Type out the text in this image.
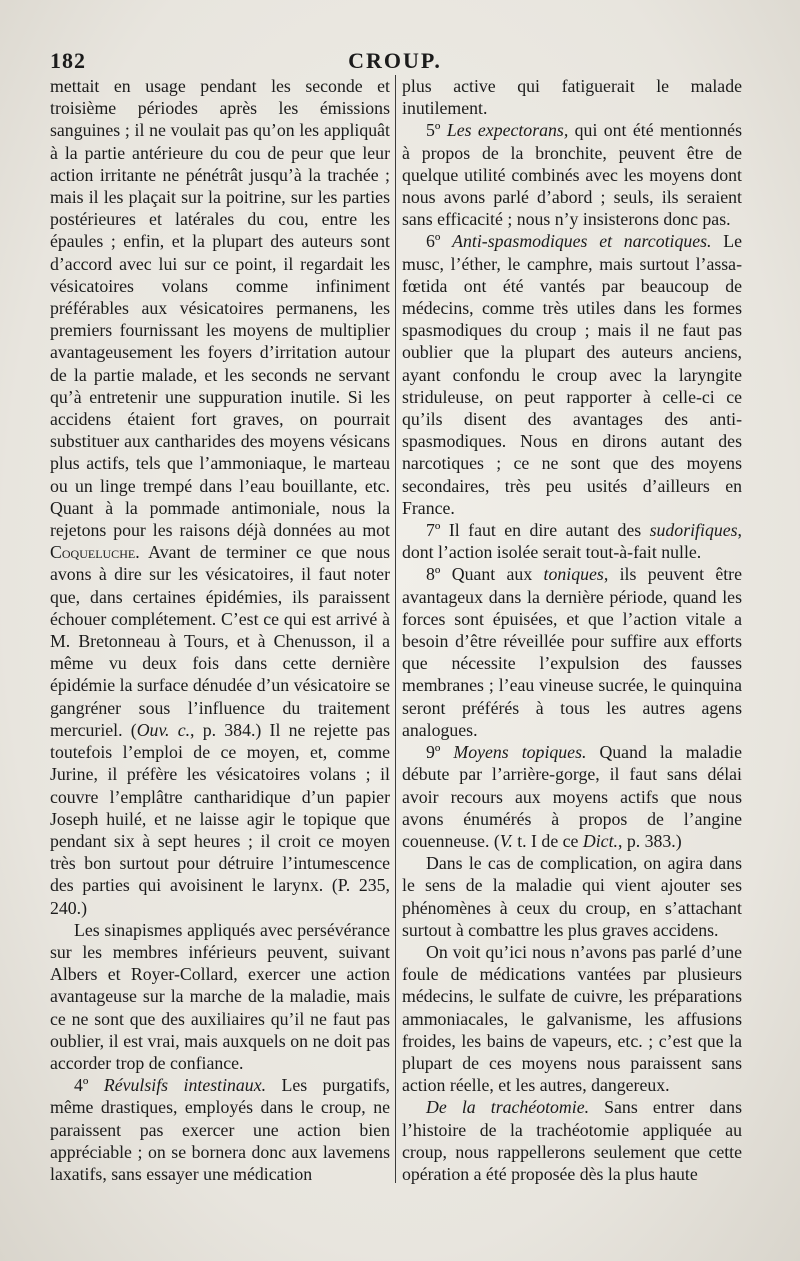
182	CROUP.

mettait en usage pendant les seconde et troisième périodes après les émissions sanguines ; il ne voulait pas qu’on les appliquât à la partie antérieure du cou de peur que leur action irritante ne pénétrât jusqu’à la trachée ; mais il les plaçait sur la poitrine, sur les parties postérieures et latérales du cou, entre les épaules ; enfin, et la plupart des auteurs sont d’accord avec lui sur ce point, il regardait les vésicatoires volans comme infiniment préférables aux vésicatoires permanens, les premiers fournissant les moyens de multiplier avantageusement les foyers d’irritation autour de la partie malade, et les seconds ne servant qu’à entretenir une suppuration inutile. Si les accidens étaient fort graves, on pourrait substituer aux cantharides des moyens vésicans plus actifs, tels que l’ammoniaque, le marteau ou un linge trempé dans l’eau bouillante, etc. Quant à la pommade antimoniale, nous la rejetons pour les raisons déjà données au mot Coqueluche. Avant de terminer ce que nous avons à dire sur les vésicatoires, il faut noter que, dans certaines épidémies, ils paraissent échouer complétement. C’est ce qui est arrivé à M. Bretonneau à Tours, et à Chenusson, il a même vu deux fois dans cette dernière épidémie la surface dénudée d’un vésicatoire se gangréner sous l’influence du traitement mercuriel. (Ouv. c., p. 384.) Il ne rejette pas toutefois l’emploi de ce moyen, et, comme Jurine, il préfère les vésicatoires volans ; il couvre l’emplâtre cantharidique d’un papier Joseph huilé, et ne laisse agir le topique que pendant six à sept heures ; il croit ce moyen très bon surtout pour détruire l’intumescence des parties qui avoisinent le larynx. (P. 235, 240.)

Les sinapismes appliqués avec persévérance sur les membres inférieurs peuvent, suivant Albers et Royer-Collard, exercer une action avantageuse sur la marche de la maladie, mais ce ne sont que des auxiliaires qu’il ne faut pas oublier, il est vrai, mais auxquels on ne doit pas accorder trop de confiance.

4º Révulsifs intestinaux. Les purgatifs, même drastiques, employés dans le croup, ne paraissent pas exercer une action bien appréciable ; on se bornera donc aux lavemens laxatifs, sans essayer une médication

plus active qui fatiguerait le malade inutilement.

5º Les expectorans, qui ont été mentionnés à propos de la bronchite, peuvent être de quelque utilité combinés avec les moyens dont nous avons parlé d’abord ; seuls, ils seraient sans efficacité ; nous n’y insisterons donc pas.

6º Anti-spasmodiques et narcotiques. Le musc, l’éther, le camphre, mais surtout l’assa-fœtida ont été vantés par beaucoup de médecins, comme très utiles dans les formes spasmodiques du croup ; mais il ne faut pas oublier que la plupart des auteurs anciens, ayant confondu le croup avec la laryngite striduleuse, on peut rapporter à celle-ci ce qu’ils disent des avantages des anti-spasmodiques. Nous en dirons autant des narcotiques ; ce ne sont que des moyens secondaires, très peu usités d’ailleurs en France.

7º Il faut en dire autant des sudorifiques, dont l’action isolée serait tout-à-fait nulle.

8º Quant aux toniques, ils peuvent être avantageux dans la dernière période, quand les forces sont épuisées, et que l’action vitale a besoin d’être réveillée pour suffire aux efforts que nécessite l’expulsion des fausses membranes ; l’eau vineuse sucrée, le quinquina seront préférés à tous les autres agens analogues.

9º Moyens topiques. Quand la maladie débute par l’arrière-gorge, il faut sans délai avoir recours aux moyens actifs que nous avons énumérés à propos de l’angine couenneuse. (V. t. I de ce Dict., p. 383.)

Dans le cas de complication, on agira dans le sens de la maladie qui vient ajouter ses phénomènes à ceux du croup, en s’attachant surtout à combattre les plus graves accidens.

On voit qu’ici nous n’avons pas parlé d’une foule de médications vantées par plusieurs médecins, le sulfate de cuivre, les préparations ammoniacales, le galvanisme, les affusions froides, les bains de vapeurs, etc. ; c’est que la plupart de ces moyens nous paraissent sans action réelle, et les autres, dangereux.

De la trachéotomie. Sans entrer dans l’histoire de la trachéotomie appliquée au croup, nous rappellerons seulement que cette opération a été proposée dès la plus haute
